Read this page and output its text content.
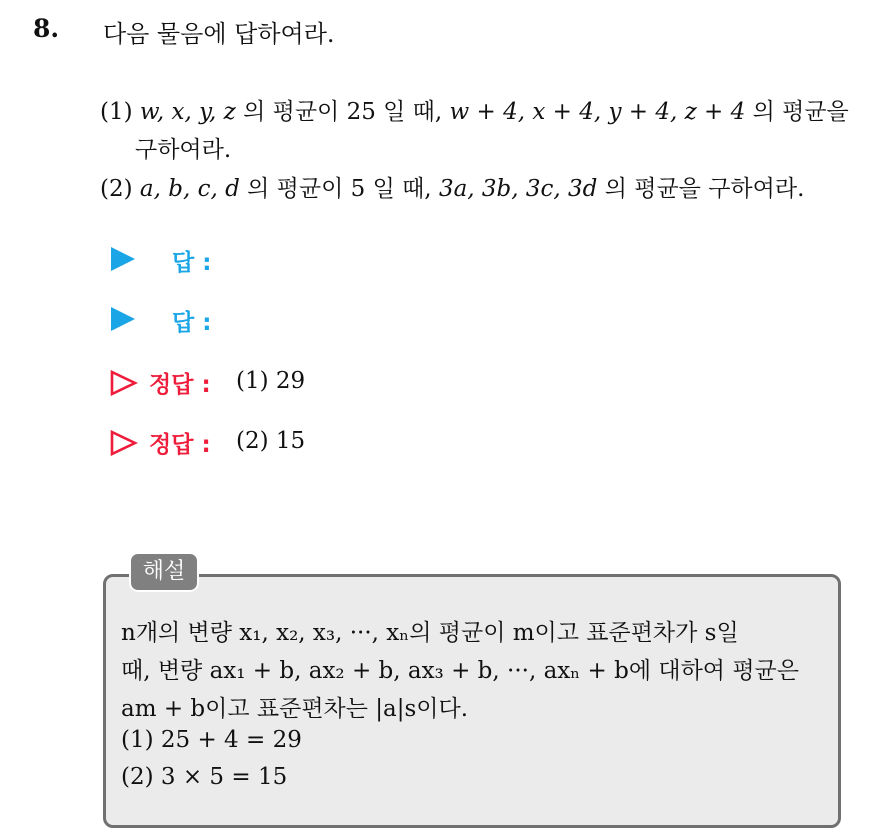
8. 다음 물음에 답하여라.
(1) w, x, y, z 의 평균이 25 일 때, w + 4, x + 4, y + 4, z + 4 의 평균을
구하여라.
(2) a, b, c, d 의 평균이 5 일 때, 3a, 3b, 3c, 3d 의 평균을 구하여라.
답 :
답 :
정답 : (1) 29
정답 : (2) 15
해설
n개의 변량 x₁, x₂, x₃, ···, xₙ의 평균이 m이고 표준편차가 s일
때, 변량 ax₁ + b, ax₂ + b, ax₃ + b, ···, axₙ + b에 대하여 평균은
am + b이고 표준편차는 |a|s이다.
(1) 25 + 4 = 29
(2) 3 × 5 = 15
